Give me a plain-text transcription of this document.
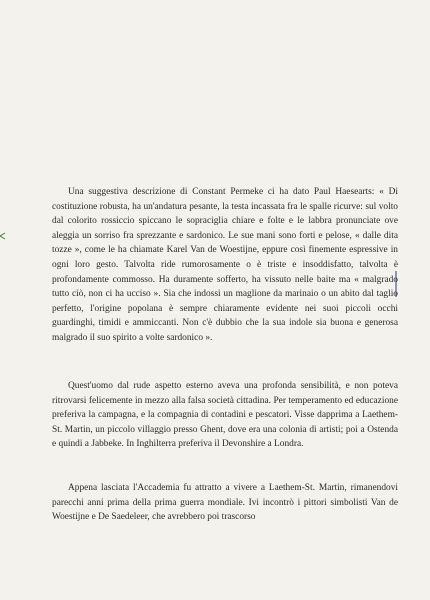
Una suggestiva descrizione di Constant Permeke ci ha dato Paul Haesearts: « Di costituzione robusta, ha un'andatura pesante, la testa incassata fra le spalle ricurve: sul volto dal colorito rossiccio spiccano le sopraciglia chiare e folte e le labbra pronunciate ove aleggia un sorriso fra sprezzante e sardonico. Le sue mani sono forti e pelose, « dalle dita tozze », come le ha chiamate Karel Van de Woestijne, eppure così finemente espressive in ogni loro gesto. Talvolta ride rumorosamente o è triste e insoddisfatto, talvolta è profondamente commosso. Ha duramente sofferto, ha vissuto nelle baite ma « malgrado tutto ciò, non ci ha ucciso ». Sia che indossi un maglione da marinaio o un abito dal taglio perfetto, l'origine popolana è sempre chiaramente evidente nei suoi piccoli occhi guardinghi, timidi e ammiccanti. Non c'è dubbio che la sua indole sia buona e generosa malgrado il suo spirito a volte sardonico ».

Quest'uomo dal rude aspetto esterno aveva una profonda sensibilità, e non poteva ritrovarsi felicemente in mezzo alla falsa società cittadina. Per temperamento ed educazione preferiva la campagna, e la compagnia di contadini e pescatori. Visse dapprima a Laethem-St. Martin, un piccolo villaggio presso Ghent, dove era una colonia di artisti; poi a Ostenda e quindi a Jabbeke. In Inghilterra preferiva il Devonshire a Londra.

Appena lasciata l'Accademia fu attratto a vivere a Laethem-St. Martin, rimanendovi parecchi anni prima della prima guerra mondiale. Ivi incontrò i pittori simbolisti Van de Woestijne e De Saedeleer, che avrebbero poi trascorso
